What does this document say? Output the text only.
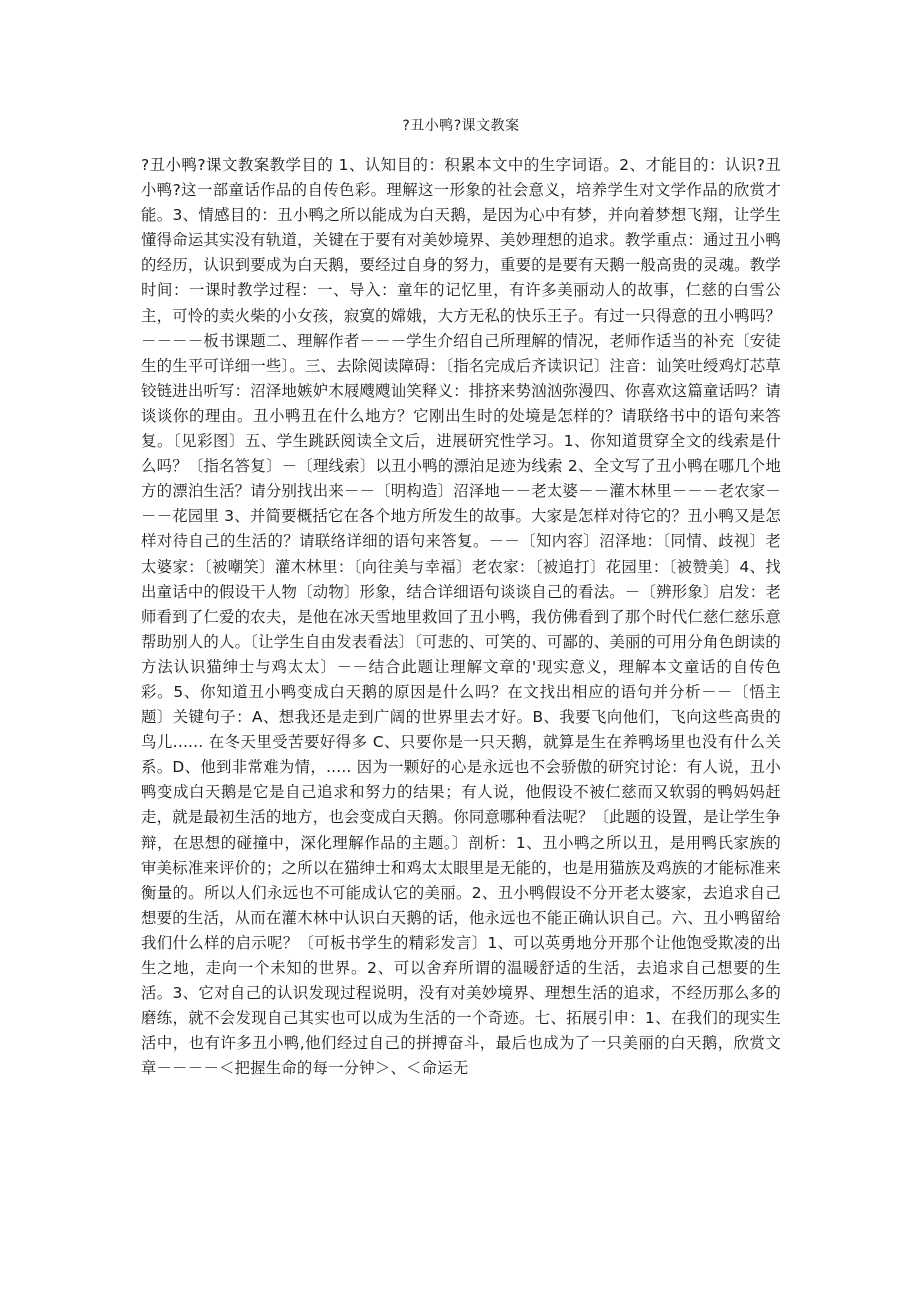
?丑小鸭?课文教案

?丑小鸭?课文教案教学目的 1、认知目的：积累本文中的生字词语。2、才能目的：认识?丑小鸭?这一部童话作品的自传色彩。理解这一形象的社会意义，培养学生对文学作品的欣赏才能。3、情感目的：丑小鸭之所以能成为白天鹅，是因为心中有梦，并向着梦想飞翔，让学生懂得命运其实没有轨道，关键在于要有对美妙境界、美妙理想的追求。教学重点：通过丑小鸭的经历，认识到要成为白天鹅，要经过自身的努力，重要的是要有天鹅一般高贵的灵魂。教学时间：一课时教学过程：一、导入：童年的记忆里，有许多美丽动人的故事，仁慈的白雪公主，可怜的卖火柴的小女孩，寂寞的嫦娥，大方无私的快乐王子。有过一只得意的丑小鸭吗？－－－－板书课题二、理解作者－－－学生介绍自己所理解的情况，老师作适当的补充〔安徒生的生平可详细一些〕。三、去除阅读障碍：〔指名完成后齐读识记〕注音：讪笑吐绶鸡灯芯草铰链进出听写：沼泽地嫉妒木屐飕飕讪笑释义：排挤来势汹汹弥漫四、你喜欢这篇童话吗？请谈谈你的理由。丑小鸭丑在什么地方？它刚出生时的处境是怎样的？请联络书中的语句来答复。〔见彩图〕五、学生跳跃阅读全文后，进展研究性学习。1、你知道贯穿全文的线索是什么吗？〔指名答复〕－〔理线索〕以丑小鸭的漂泊足迹为线索 2、全文写了丑小鸭在哪几个地方的漂泊生活？请分别找出来－－〔明构造〕沼泽地－－老太婆－－灌木林里－－－老农家－－－花园里 3、并简要概括它在各个地方所发生的故事。大家是怎样对待它的？丑小鸭又是怎样对待自己的生活的？请联络详细的语句来答复。－－〔知内容〕沼泽地：〔同情、歧视〕老太婆家：〔被嘲笑〕灌木林里：〔向往美与幸福〕老农家：〔被追打〕花园里：〔被赞美〕4、找出童话中的假设干人物〔动物〕形象，结合详细语句谈谈自己的看法。－〔辨形象〕启发：老师看到了仁爱的农夫，是他在冰天雪地里救回了丑小鸭，我仿佛看到了那个时代仁慈仁慈乐意帮助别人的人。〔让学生自由发表看法〕〔可悲的、可笑的、可鄙的、美丽的可用分角色朗读的方法认识猫绅士与鸡太太〕－－结合此题让理解文章的'现实意义，理解本文童话的自传色彩。5、你知道丑小鸭变成白天鹅的原因是什么吗？在文找出相应的语句并分析－－〔悟主题〕关键句子：A、想我还是走到广阔的世界里去才好。B、我要飞向他们，飞向这些高贵的鸟儿...... 在冬天里受苦要好得多 C、只要你是一只天鹅，就算是生在养鸭场里也没有什么关系。D、他到非常难为情，..... 因为一颗好的心是永远也不会骄傲的研究讨论：有人说，丑小鸭变成白天鹅是它是自己追求和努力的结果；有人说，他假设不被仁慈而又软弱的鸭妈妈赶走，就是最初生活的地方，也会变成白天鹅。你同意哪种看法呢？〔此题的设置，是让学生争辩，在思想的碰撞中，深化理解作品的主题。〕剖析：1、丑小鸭之所以丑，是用鸭氏家族的审美标准来评价的；之所以在猫绅士和鸡太太眼里是无能的，也是用猫族及鸡族的才能标准来衡量的。所以人们永远也不可能成认它的美丽。2、丑小鸭假设不分开老太婆家，去追求自己想要的生活，从而在灌木林中认识白天鹅的话，他永远也不能正确认识自己。六、丑小鸭留给我们什么样的启示呢？〔可板书学生的精彩发言〕1、可以英勇地分开那个让他饱受欺凌的出生之地，走向一个未知的世界。2、可以舍弃所谓的温暖舒适的生活，去追求自己想要的生活。3、它对自己的认识发现过程说明，没有对美妙境界、理想生活的追求，不经历那么多的磨练，就不会发现自己其实也可以成为生活的一个奇迹。七、拓展引申：1、在我们的现实生活中，也有许多丑小鸭,他们经过自己的拼搏奋斗，最后也成为了一只美丽的白天鹅，欣赏文章－－－－＜把握生命的每一分钟＞、＜命运无
